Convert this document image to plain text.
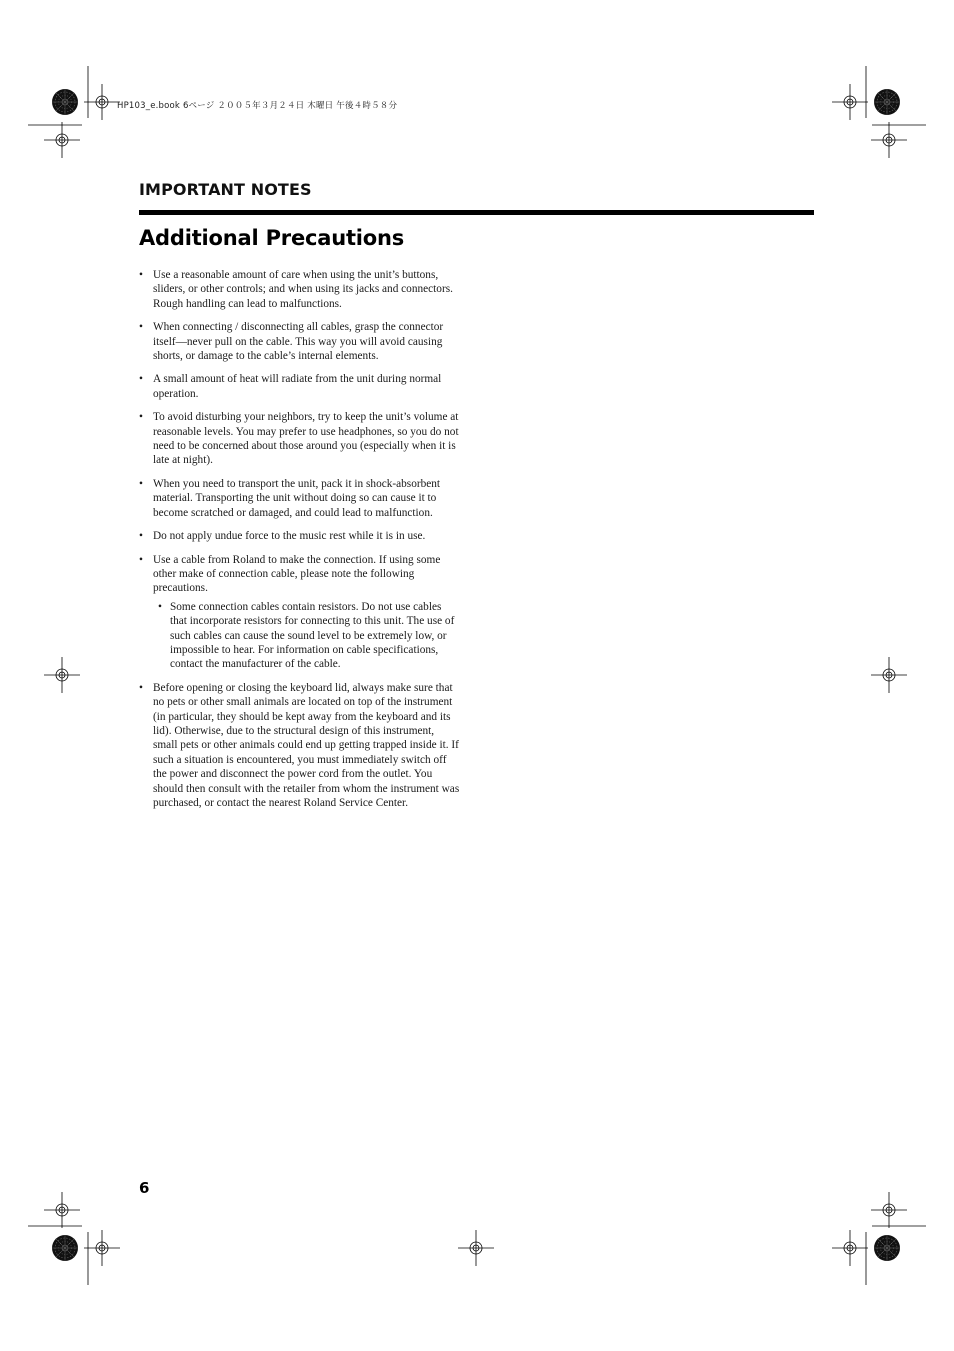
HP103_e.book 6ページ ２００５年３月２４日 木曜日 午後４時５８分
IMPORTANT NOTES
Additional Precautions
• Use a reasonable amount of care when using the unit’s buttons, sliders, or other controls; and when using its jacks and connectors. Rough handling can lead to malfunctions.
• When connecting / disconnecting all cables, grasp the connector itself—never pull on the cable. This way you will avoid causing shorts, or damage to the cable’s internal elements.
• A small amount of heat will radiate from the unit during normal operation.
• To avoid disturbing your neighbors, try to keep the unit’s volume at reasonable levels. You may prefer to use headphones, so you do not need to be concerned about those around you (especially when it is late at night).
• When you need to transport the unit, pack it in shock-absorbent material. Transporting the unit without doing so can cause it to become scratched or damaged, and could lead to malfunction.
• Do not apply undue force to the music rest while it is in use.
• Use a cable from Roland to make the connection. If using some other make of connection cable, please note the following precautions.
• Some connection cables contain resistors. Do not use cables that incorporate resistors for connecting to this unit. The use of such cables can cause the sound level to be extremely low, or impossible to hear. For information on cable specifications, contact the manufacturer of the cable.
• Before opening or closing the keyboard lid, always make sure that no pets or other small animals are located on top of the instrument (in particular, they should be kept away from the keyboard and its lid). Otherwise, due to the structural design of this instrument, small pets or other animals could end up getting trapped inside it. If such a situation is encountered, you must immediately switch off the power and disconnect the power cord from the outlet. You should then consult with the retailer from whom the instrument was purchased, or contact the nearest Roland Service Center.
6
